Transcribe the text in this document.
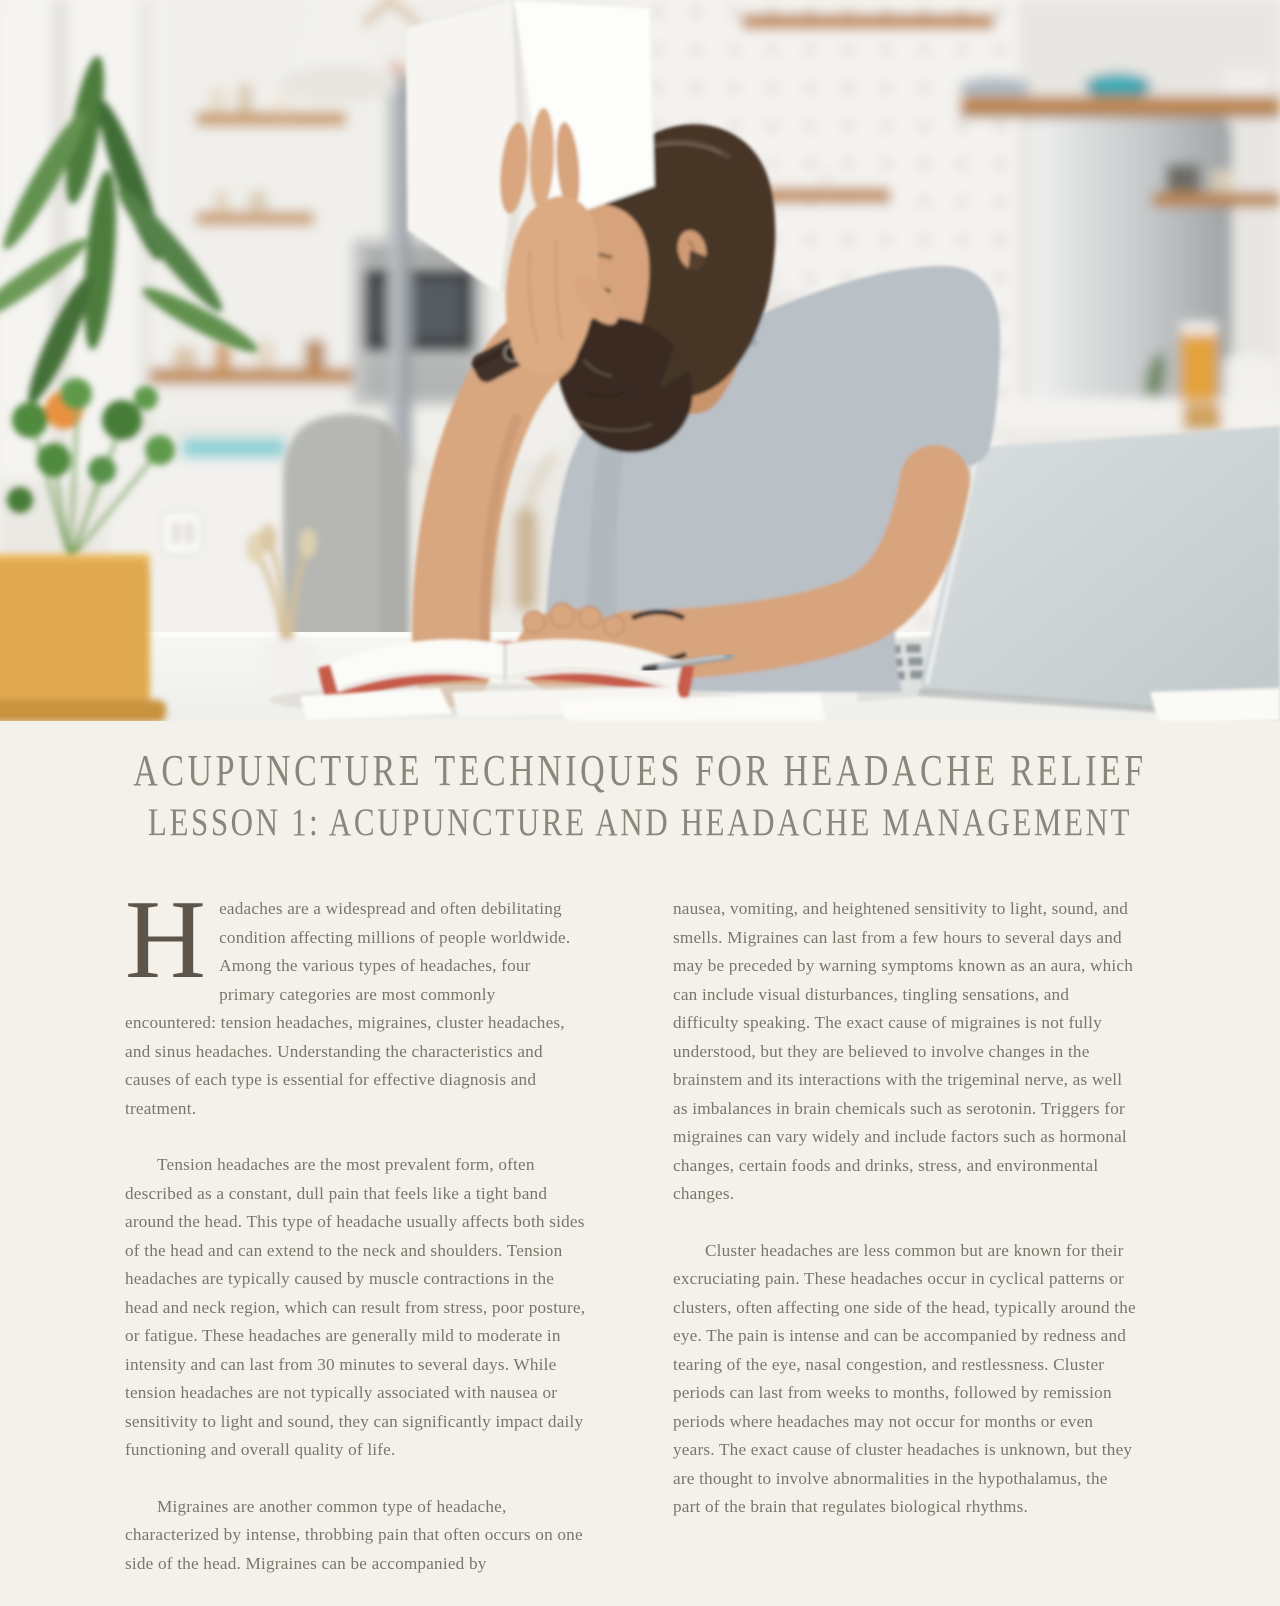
ACUPUNCTURE TECHNIQUES FOR HEADACHE RELIEF
LESSON 1: ACUPUNCTURE AND HEADACHE MANAGEMENT

Headaches are a widespread and often debilitating condition affecting millions of people worldwide. Among the various types of headaches, four primary categories are most commonly encountered: tension headaches, migraines, cluster headaches, and sinus headaches. Understanding the characteristics and causes of each type is essential for effective diagnosis and treatment.

Tension headaches are the most prevalent form, often described as a constant, dull pain that feels like a tight band around the head. This type of headache usually affects both sides of the head and can extend to the neck and shoulders. Tension headaches are typically caused by muscle contractions in the head and neck region, which can result from stress, poor posture, or fatigue. These headaches are generally mild to moderate in intensity and can last from 30 minutes to several days. While tension headaches are not typically associated with nausea or sensitivity to light and sound, they can significantly impact daily functioning and overall quality of life.

Migraines are another common type of headache, characterized by intense, throbbing pain that often occurs on one side of the head. Migraines can be accompanied by

nausea, vomiting, and heightened sensitivity to light, sound, and smells. Migraines can last from a few hours to several days and may be preceded by warning symptoms known as an aura, which can include visual disturbances, tingling sensations, and difficulty speaking. The exact cause of migraines is not fully understood, but they are believed to involve changes in the brainstem and its interactions with the trigeminal nerve, as well as imbalances in brain chemicals such as serotonin. Triggers for migraines can vary widely and include factors such as hormonal changes, certain foods and drinks, stress, and environmental changes.

Cluster headaches are less common but are known for their excruciating pain. These headaches occur in cyclical patterns or clusters, often affecting one side of the head, typically around the eye. The pain is intense and can be accompanied by redness and tearing of the eye, nasal congestion, and restlessness. Cluster periods can last from weeks to months, followed by remission periods where headaches may not occur for months or even years. The exact cause of cluster headaches is unknown, but they are thought to involve abnormalities in the hypothalamus, the part of the brain that regulates biological rhythms.
